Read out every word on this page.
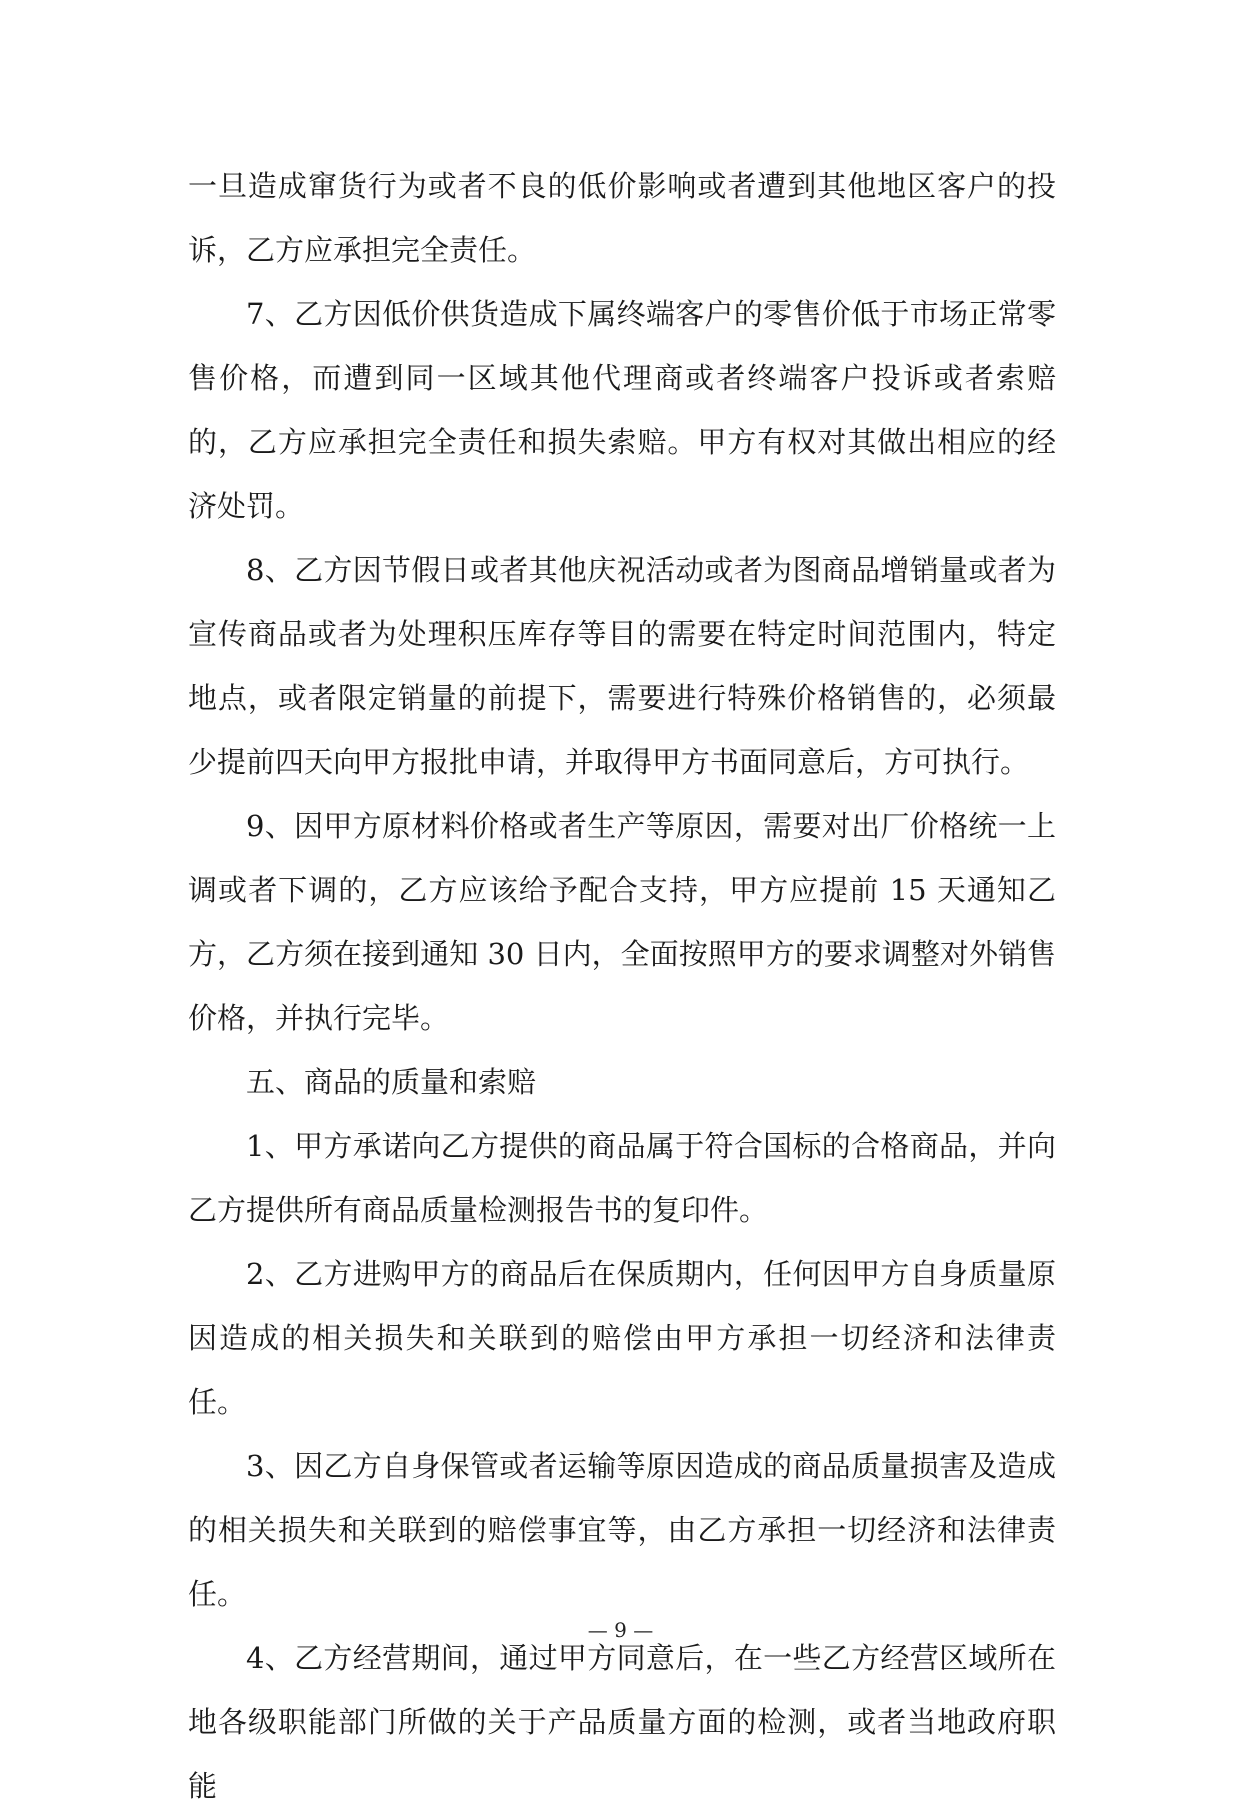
一旦造成窜货行为或者不良的低价影响或者遭到其他地区客户的投诉，乙方应承担完全责任。

7、乙方因低价供货造成下属终端客户的零售价低于市场正常零售价格，而遭到同一区域其他代理商或者终端客户投诉或者索赔的，乙方应承担完全责任和损失索赔。甲方有权对其做出相应的经济处罚。

8、乙方因节假日或者其他庆祝活动或者为图商品增销量或者为宣传商品或者为处理积压库存等目的需要在特定时间范围内，特定地点，或者限定销量的前提下，需要进行特殊价格销售的，必须最少提前四天向甲方报批申请，并取得甲方书面同意后，方可执行。

9、因甲方原材料价格或者生产等原因，需要对出厂价格统一上调或者下调的，乙方应该给予配合支持，甲方应提前 15 天通知乙方，乙方须在接到通知 30 日内，全面按照甲方的要求调整对外销售价格，并执行完毕。

五、商品的质量和索赔

1、甲方承诺向乙方提供的商品属于符合国标的合格商品，并向乙方提供所有商品质量检测报告书的复印件。

2、乙方进购甲方的商品后在保质期内，任何因甲方自身质量原因造成的相关损失和关联到的赔偿由甲方承担一切经济和法律责任。

3、因乙方自身保管或者运输等原因造成的商品质量损害及造成的相关损失和关联到的赔偿事宜等，由乙方承担一切经济和法律责任。

4、乙方经营期间，通过甲方同意后，在一些乙方经营区域所在地各级职能部门所做的关于产品质量方面的检测，或者当地政府职能

— 9 —
